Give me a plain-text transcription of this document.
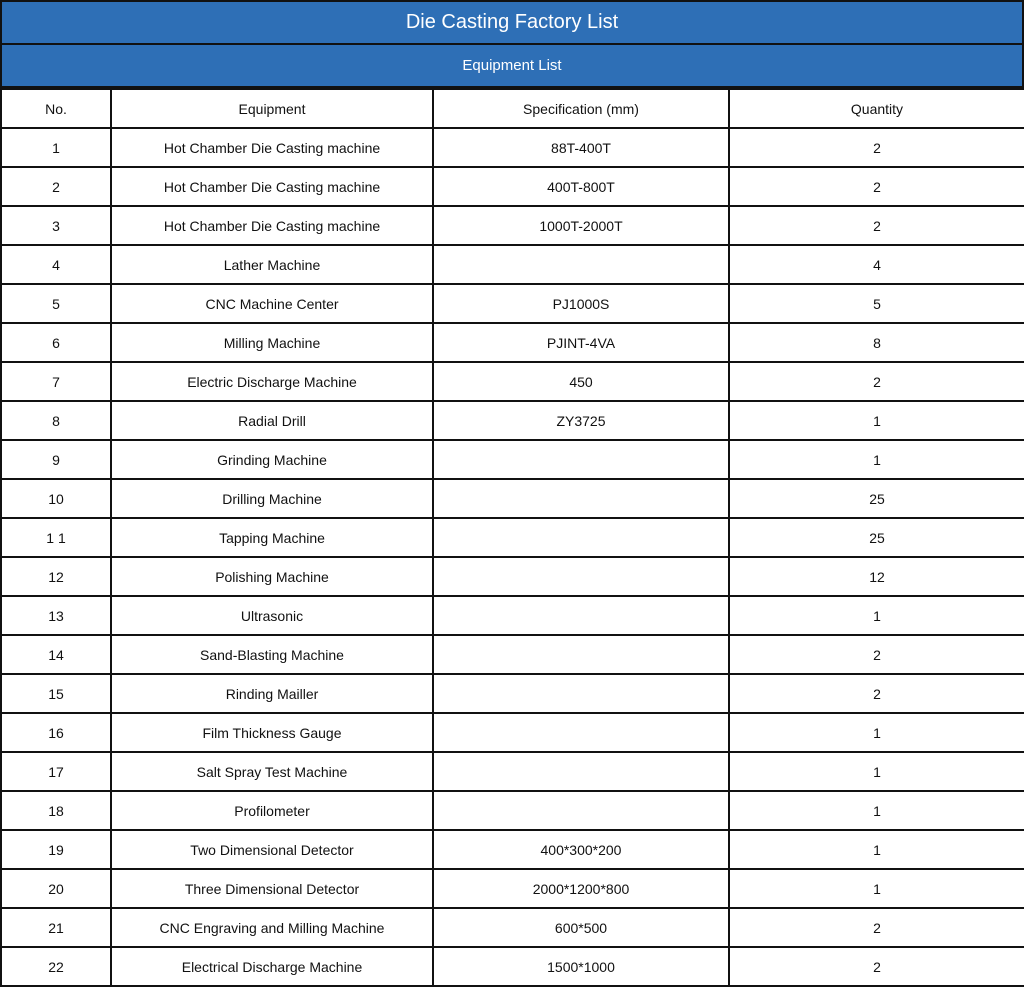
Die Casting Factory List
Equipment List
No.	Equipment	Specification (mm)	Quantity
1	Hot Chamber Die Casting machine	88T-400T	2
2	Hot Chamber Die Casting machine	400T-800T	2
3	Hot Chamber Die Casting machine	1000T-2000T	2
4	Lather Machine		4
5	CNC Machine Center	PJ1000S	5
6	Milling Machine	PJINT-4VA	8
7	Electric Discharge Machine	450	2
8	Radial Drill	ZY3725	1
9	Grinding Machine		1
10	Drilling Machine		25
1 1	Tapping Machine		25
12	Polishing Machine		12
13	Ultrasonic		1
14	Sand-Blasting Machine		2
15	Rinding Mailler		2
16	Film Thickness Gauge		1
17	Salt Spray Test Machine		1
18	Profilometer		1
19	Two Dimensional Detector	400*300*200	1
20	Three Dimensional Detector	2000*1200*800	1
21	CNC Engraving and Milling Machine	600*500	2
22	Electrical Discharge Machine	1500*1000	2
